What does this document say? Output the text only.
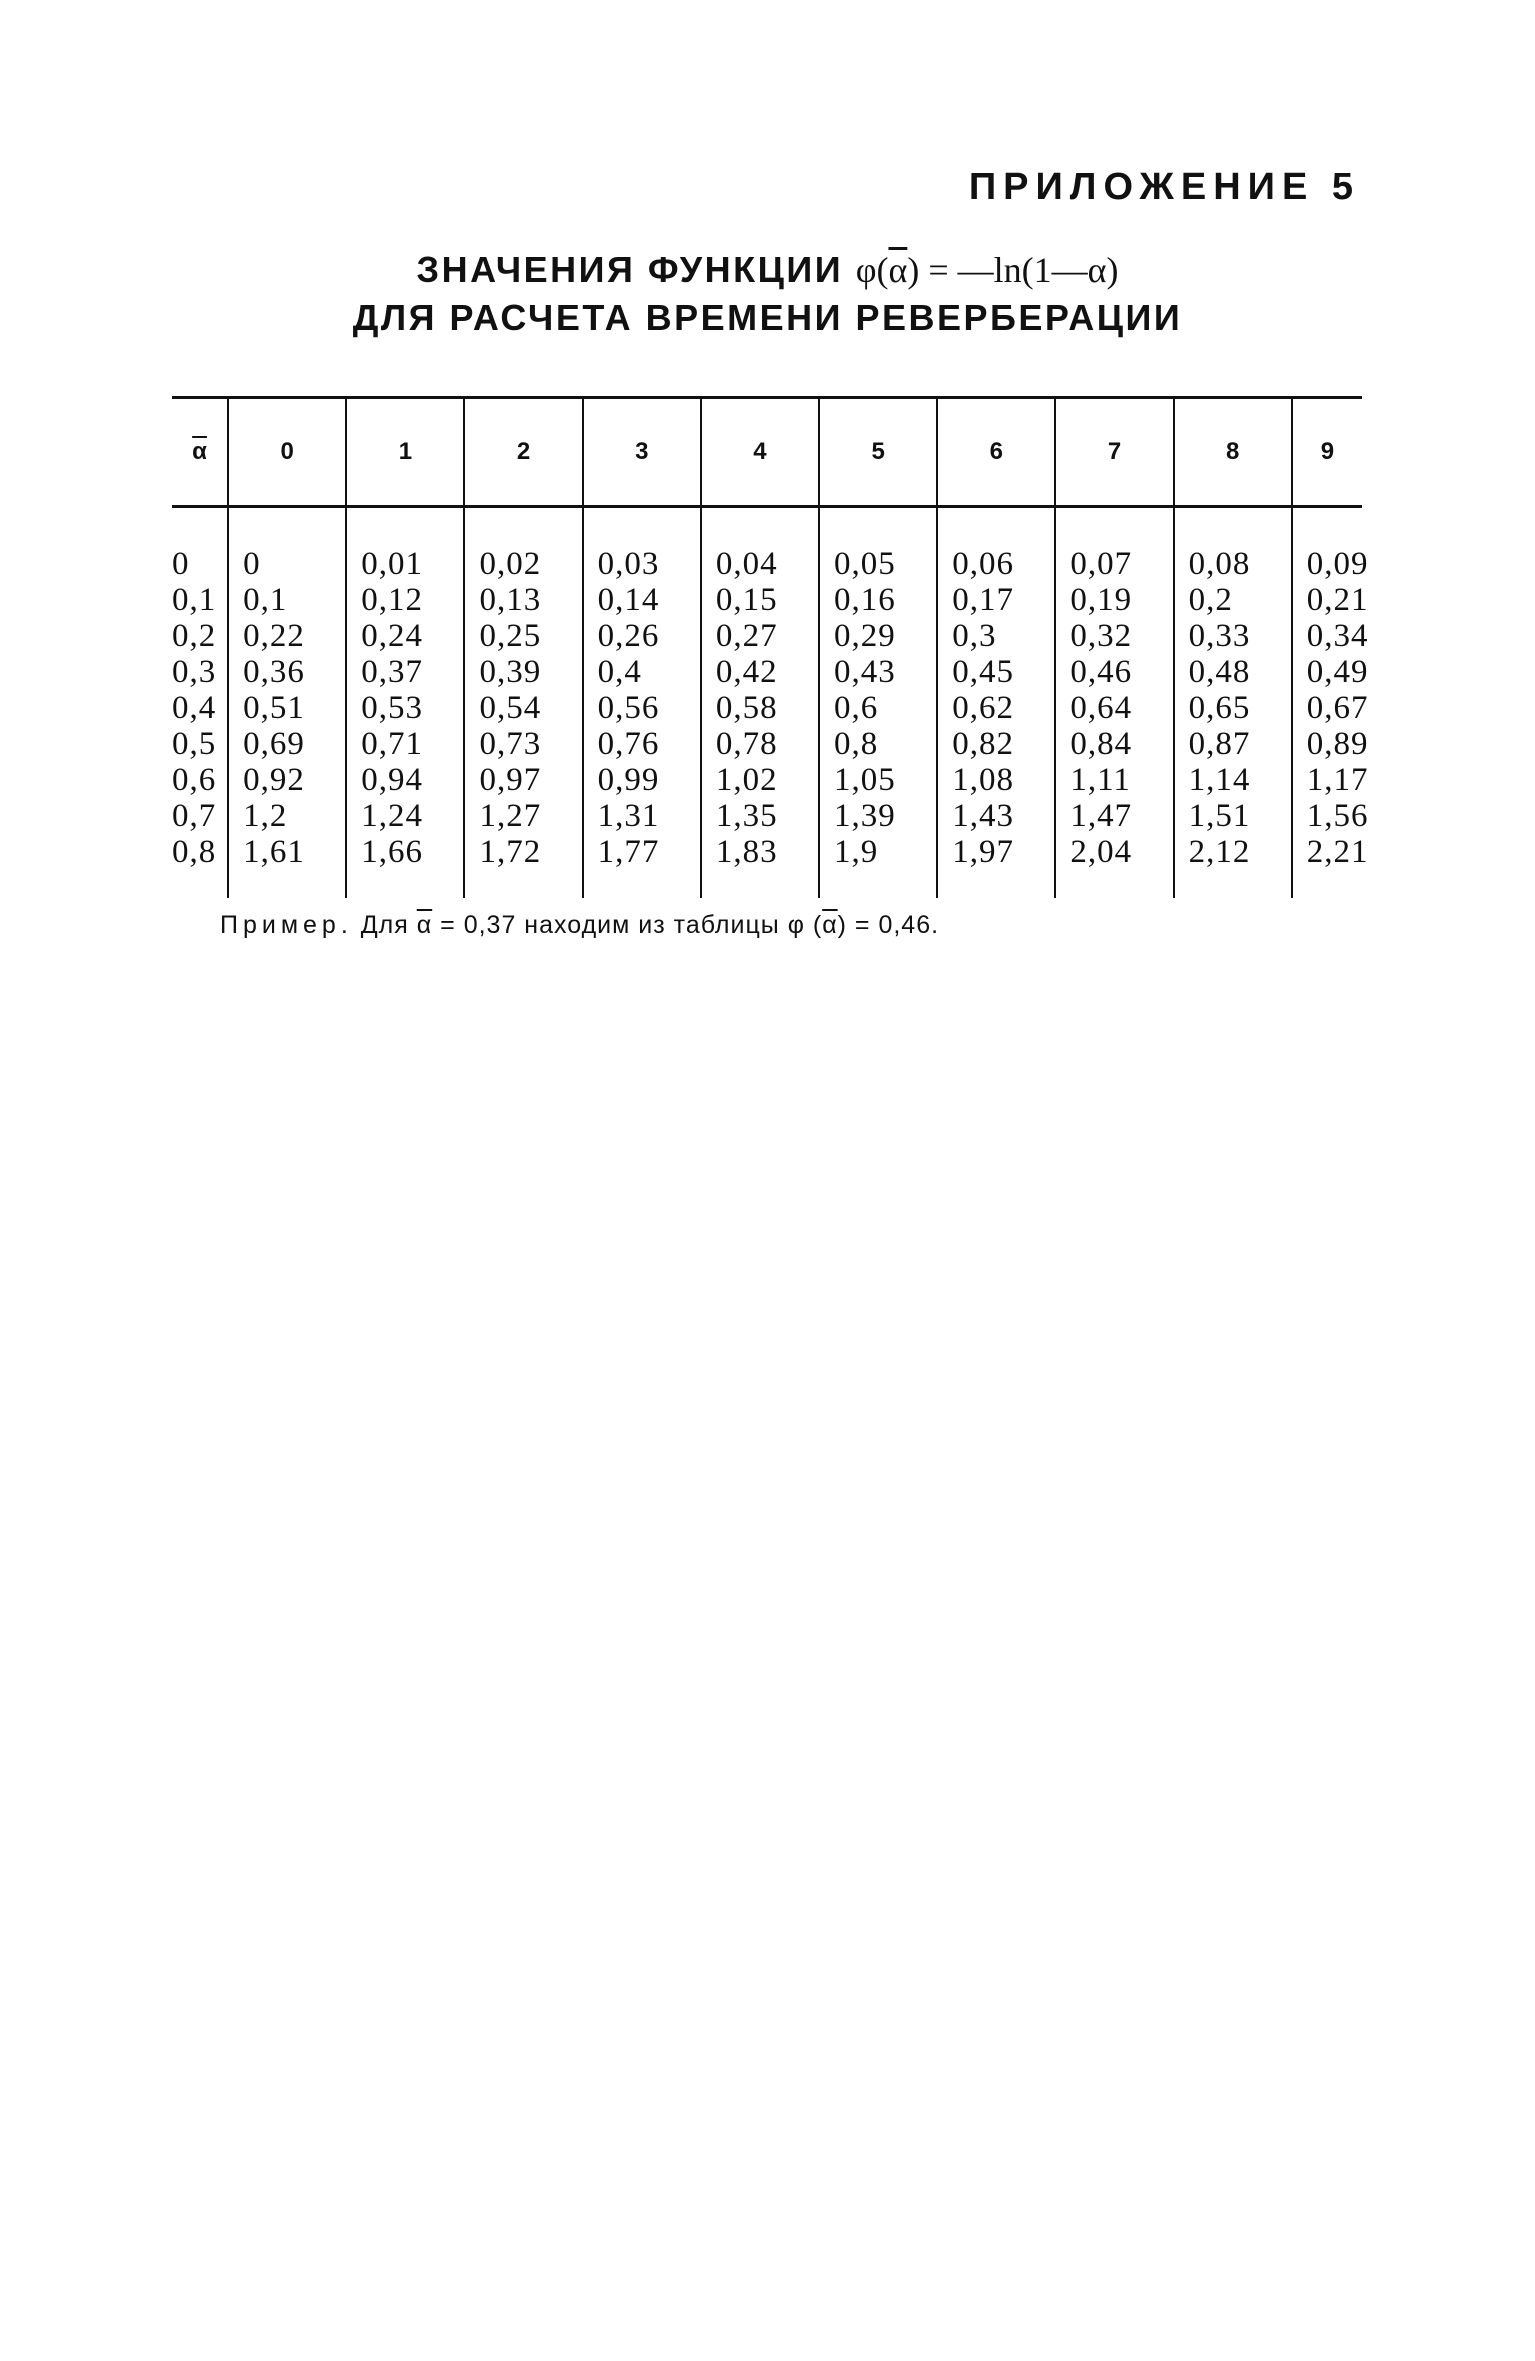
ПРИЛОЖЕНИЕ 5
ЗНАЧЕНИЯ ФУНКЦИИ φ(α) = —ln(1—α)
ДЛЯ РАСЧЕТА ВРЕМЕНИ РЕВЕРБЕРАЦИИ
$\overline{\alpha}$	0	1	2	3	4	5	6	7	8	9
0	0	0,01	0,02	0,03	0,04	0,05	0,06	0,07	0,08	0,09
0,1	0,1	0,12	0,13	0,14	0,15	0,16	0,17	0,19	0,2	0,21
0,2	0,22	0,24	0,25	0,26	0,27	0,29	0,3	0,32	0,33	0,34
0,3	0,36	0,37	0,39	0,4	0,42	0,43	0,45	0,46	0,48	0,49
0,4	0,51	0,53	0,54	0,56	0,58	0,6	0,62	0,64	0,65	0,67
0,5	0,69	0,71	0,73	0,76	0,78	0,8	0,82	0,84	0,87	0,89
0,6	0,92	0,94	0,97	0,99	1,02	1,05	1,08	1,11	1,14	1,17
0,7	1,2	1,24	1,27	1,31	1,35	1,39	1,43	1,47	1,51	1,56
0,8	1,61	1,66	1,72	1,77	1,83	1,9	1,97	2,04	2,12	2,21

Пример. Для $\overline{\alpha} = 0,37$ находим из таблицы φ $(\overline{\alpha}) = 0,46$.
